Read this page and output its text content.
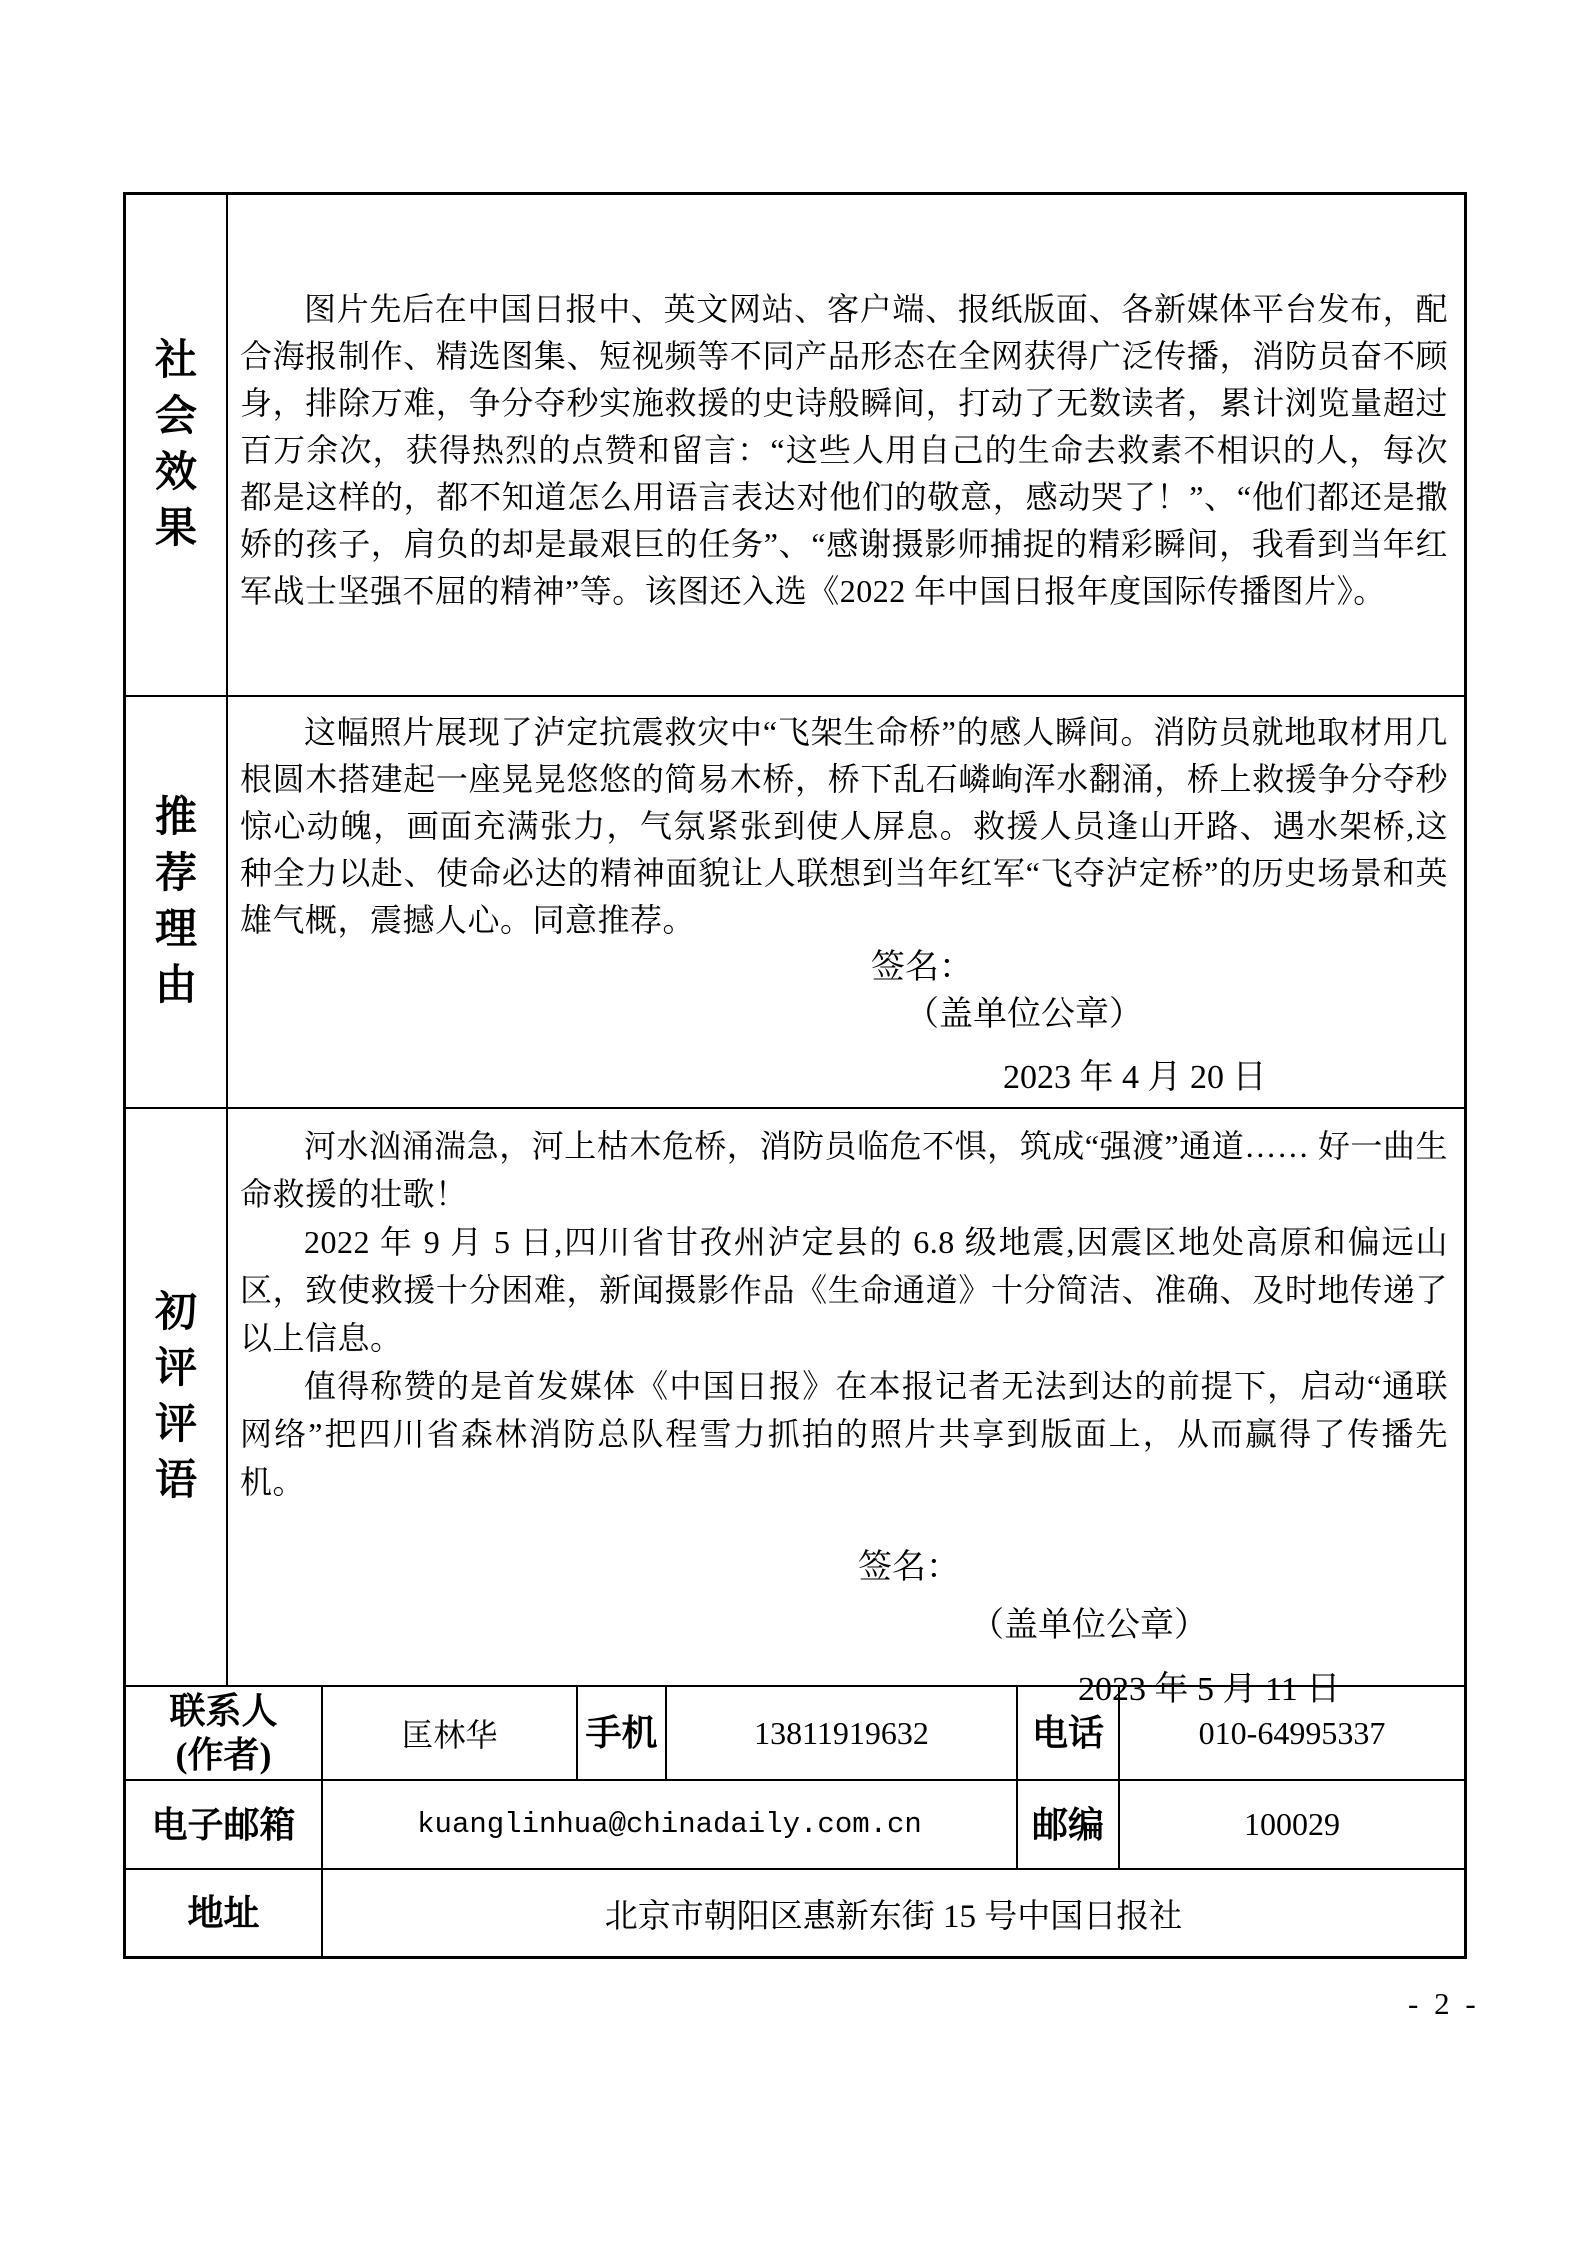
社会效果

图片先后在中国日报中、英文网站、客户端、报纸版面、各新媒体平台发布，配合海报制作、精选图集、短视频等不同产品形态在全网获得广泛传播，消防员奋不顾身，排除万难，争分夺秒实施救援的史诗般瞬间，打动了无数读者，累计浏览量超过百万余次，获得热烈的点赞和留言：“这些人用自己的生命去救素不相识的人，每次都是这样的，都不知道怎么用语言表达对他们的敬意，感动哭了！”、“他们都还是撒娇的孩子，肩负的却是最艰巨的任务”、“感谢摄影师捕捉的精彩瞬间，我看到当年红军战士坚强不屈的精神”等。该图还入选《2022 年中国日报年度国际传播图片》。

推荐理由

这幅照片展现了泸定抗震救灾中“飞架生命桥”的感人瞬间。消防员就地取材用几根圆木搭建起一座晃晃悠悠的简易木桥，桥下乱石嶙峋浑水翻涌，桥上救援争分夺秒惊心动魄，画面充满张力，气氛紧张到使人屏息。救援人员逢山开路、遇水架桥,这种全力以赴、使命必达的精神面貌让人联想到当年红军“飞夺泸定桥”的历史场景和英雄气概，震撼人心。同意推荐。

签名：
（盖单位公章）
2023 年 4 月 20 日
初评评语

河水汹涌湍急，河上枯木危桥，消防员临危不惧，筑成“强渡”通道…… 好一曲生命救援的壮歌！

2022 年 9 月 5 日,四川省甘孜州泸定县的 6.8 级地震,因震区地处高原和偏远山区，致使救援十分困难，新闻摄影作品《生命通道》十分简洁、准确、及时地传递了以上信息。

值得称赞的是首发媒体《中国日报》在本报记者无法到达的前提下，启动“通联网络”把四川省森林消防总队程雪力抓拍的照片共享到版面上，从而赢得了传播先机。

签名：
（盖单位公章）
2023 年 5 月 11 日
联系人
(作者)	匡林华 手机	13811919632	电话	010-64995337
电子邮箱	kuanglinhua@chinadaily.com.cn	邮编	100029
地址	北京市朝阳区惠新东街 15 号中国日报社
- 2 -
